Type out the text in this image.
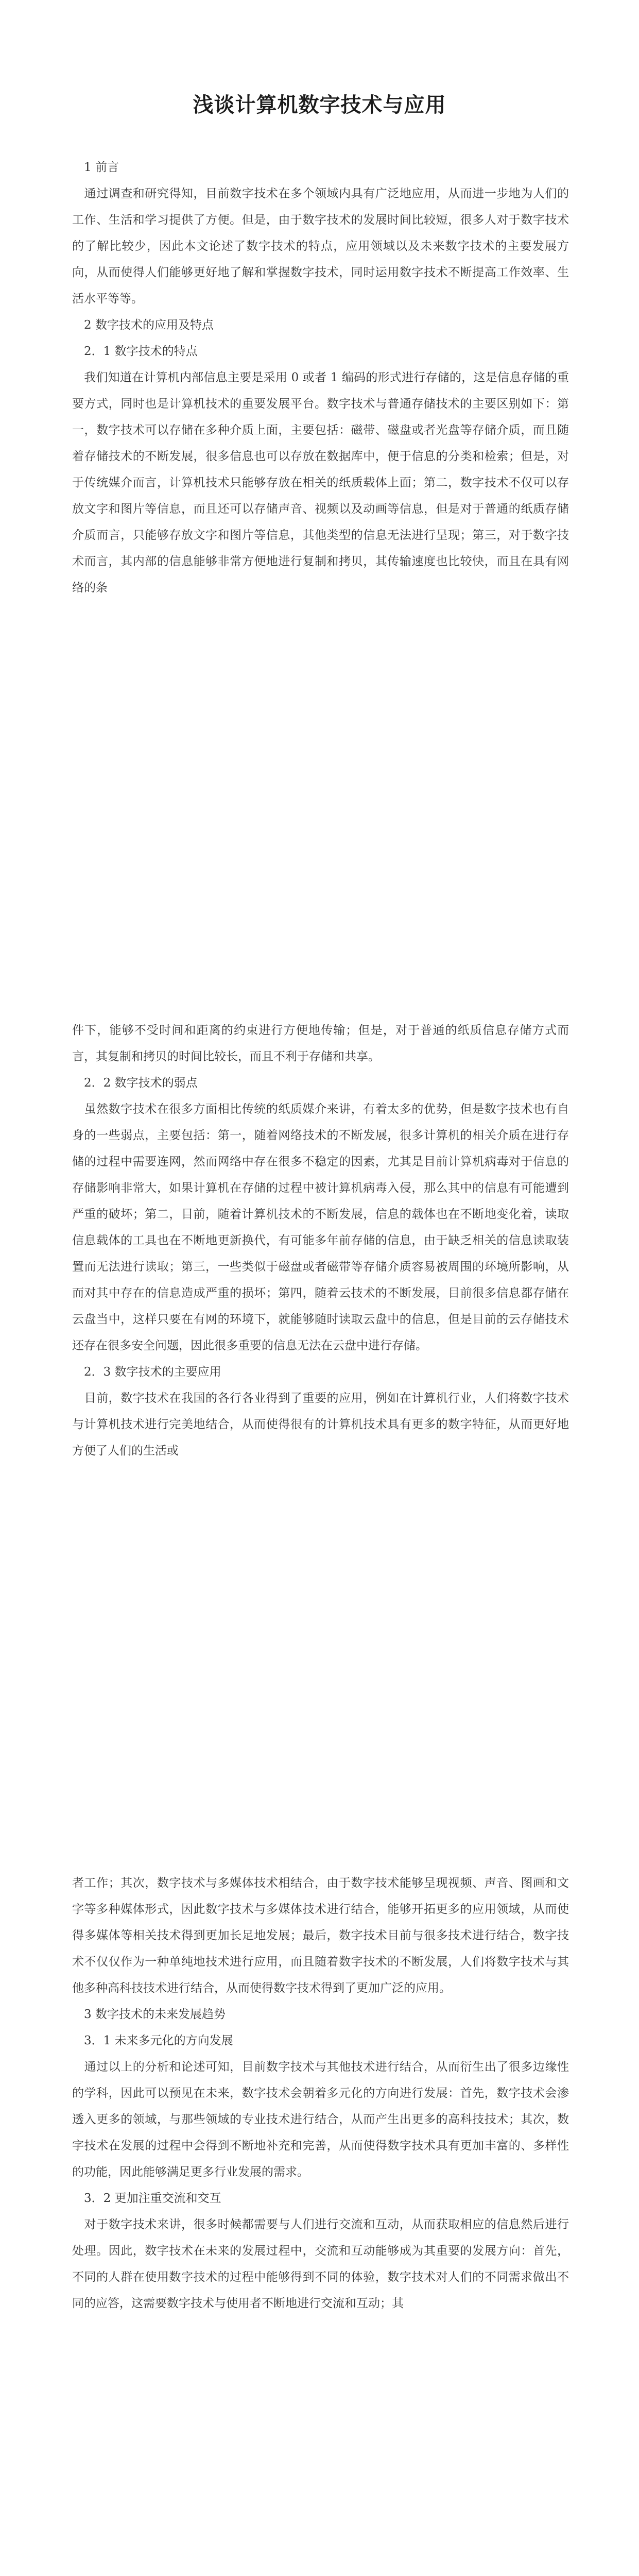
浅谈计算机数字技术与应用

　1 前言

　通过调查和研究得知，目前数字技术在多个领域内具有广泛地应用，从而进一步地为人们的工作、生活和学习提供了方便。但是，由于数字技术的发展时间比较短，很多人对于数字技术的了解比较少，因此本文论述了数字技术的特点，应用领域以及未来数字技术的主要发展方向，从而使得人们能够更好地了解和掌握数字技术，同时运用数字技术不断提高工作效率、生活水平等等。

　2 数字技术的应用及特点

　2．1 数字技术的特点

　我们知道在计算机内部信息主要是采用 0 或者 1 编码的形式进行存储的，这是信息存储的重要方式，同时也是计算机技术的重要发展平台。数字技术与普通存储技术的主要区别如下：第一，数字技术可以存储在多种介质上面，主要包括：磁带、磁盘或者光盘等存储介质，而且随着存储技术的不断发展，很多信息也可以存放在数据库中，便于信息的分类和检索；但是，对于传统媒介而言，计算机技术只能够存放在相关的纸质载体上面；第二，数字技术不仅可以存放文字和图片等信息，而且还可以存储声音、视频以及动画等信息，但是对于普通的纸质存储介质而言，只能够存放文字和图片等信息，其他类型的信息无法进行呈现；第三，对于数字技术而言，其内部的信息能够非常方便地进行复制和拷贝，其传输速度也比较快，而且在具有网络的条

件下，能够不受时间和距离的约束进行方便地传输；但是，对于普通的纸质信息存储方式而言，其复制和拷贝的时间比较长，而且不利于存储和共享。

　2．2 数字技术的弱点

　虽然数字技术在很多方面相比传统的纸质媒介来讲，有着太多的优势，但是数字技术也有自身的一些弱点，主要包括：第一，随着网络技术的不断发展，很多计算机的相关介质在进行存储的过程中需要连网，然而网络中存在很多不稳定的因素，尤其是目前计算机病毒对于信息的存储影响非常大，如果计算机在存储的过程中被计算机病毒入侵，那么其中的信息有可能遭到严重的破坏；第二，目前，随着计算机技术的不断发展，信息的载体也在不断地变化着，读取信息载体的工具也在不断地更新换代，有可能多年前存储的信息，由于缺乏相关的信息读取装置而无法进行读取；第三，一些类似于磁盘或者磁带等存储介质容易被周围的环境所影响，从而对其中存在的信息造成严重的损坏；第四，随着云技术的不断发展，目前很多信息都存储在云盘当中，这样只要在有网的环境下，就能够随时读取云盘中的信息，但是目前的云存储技术还存在很多安全问题，因此很多重要的信息无法在云盘中进行存储。

　2．3 数字技术的主要应用

　目前，数字技术在我国的各行各业得到了重要的应用，例如在计算机行业，人们将数字技术与计算机技术进行完美地结合，从而使得很有的计算机技术具有更多的数字特征，从而更好地方便了人们的生活或

者工作；其次，数字技术与多媒体技术相结合，由于数字技术能够呈现视频、声音、图画和文字等多种媒体形式，因此数字技术与多媒体技术进行结合，能够开拓更多的应用领域，从而使得多媒体等相关技术得到更加长足地发展；最后，数字技术目前与很多技术进行结合，数字技术不仅仅作为一种单纯地技术进行应用，而且随着数字技术的不断发展，人们将数字技术与其他多种高科技技术进行结合，从而使得数字技术得到了更加广泛的应用。

　3 数字技术的未来发展趋势

　3．1 未来多元化的方向发展

　通过以上的分析和论述可知，目前数字技术与其他技术进行结合，从而衍生出了很多边缘性的学科，因此可以预见在未来，数字技术会朝着多元化的方向进行发展：首先，数字技术会渗透入更多的领域，与那些领域的专业技术进行结合，从而产生出更多的高科技技术；其次，数字技术在发展的过程中会得到不断地补充和完善，从而使得数字技术具有更加丰富的、多样性的功能，因此能够满足更多行业发展的需求。

　3．2 更加注重交流和交互

　对于数字技术来讲，很多时候都需要与人们进行交流和互动，从而获取相应的信息然后进行处理。因此，数字技术在未来的发展过程中，交流和互动能够成为其重要的发展方向：首先，不同的人群在使用数字技术的过程中能够得到不同的体验，数字技术对人们的不同需求做出不同的应答，这需要数字技术与使用者不断地进行交流和互动；其
